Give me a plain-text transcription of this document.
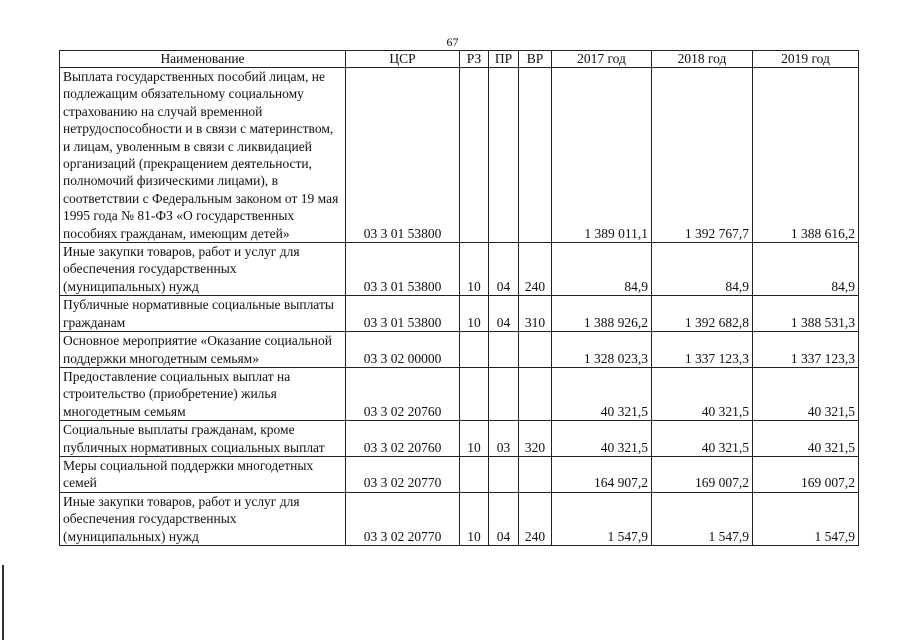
67
Наименование	ЦСР	РЗ	ПР	ВР	2017 год	2018 год	2019 год
Выплата государственных пособий лицам, не подлежащим обязательному социальному страхованию на случай временной нетрудоспособности и в связи с материнством, и лицам, уволенным в связи с ликвидацией организаций (прекращением деятельности, полномочий физическими лицами), в соответствии с Федеральным законом от 19 мая 1995 года № 81-ФЗ «О государственных пособиях гражданам, имеющим детей»	03 3 01 53800				1 389 011,1	1 392 767,7	1 388 616,2
Иные закупки товаров, работ и услуг для обеспечения государственных (муниципальных) нужд	03 3 01 53800	10	04	240	84,9	84,9	84,9
Публичные нормативные социальные выплаты гражданам	03 3 01 53800	10	04	310	1 388 926,2	1 392 682,8	1 388 531,3
Основное мероприятие «Оказание социальной поддержки многодетным семьям»	03 3 02 00000				1 328 023,3	1 337 123,3	1 337 123,3
Предоставление социальных выплат на строительство (приобретение) жилья многодетным семьям	03 3 02 20760				40 321,5	40 321,5	40 321,5
Социальные выплаты гражданам, кроме публичных нормативных социальных выплат	03 3 02 20760	10	03	320	40 321,5	40 321,5	40 321,5
Меры социальной поддержки многодетных семей	03 3 02 20770				164 907,2	169 007,2	169 007,2
Иные закупки товаров, работ и услуг для обеспечения государственных (муниципальных) нужд	03 3 02 20770	10	04	240	1 547,9	1 547,9	1 547,9
